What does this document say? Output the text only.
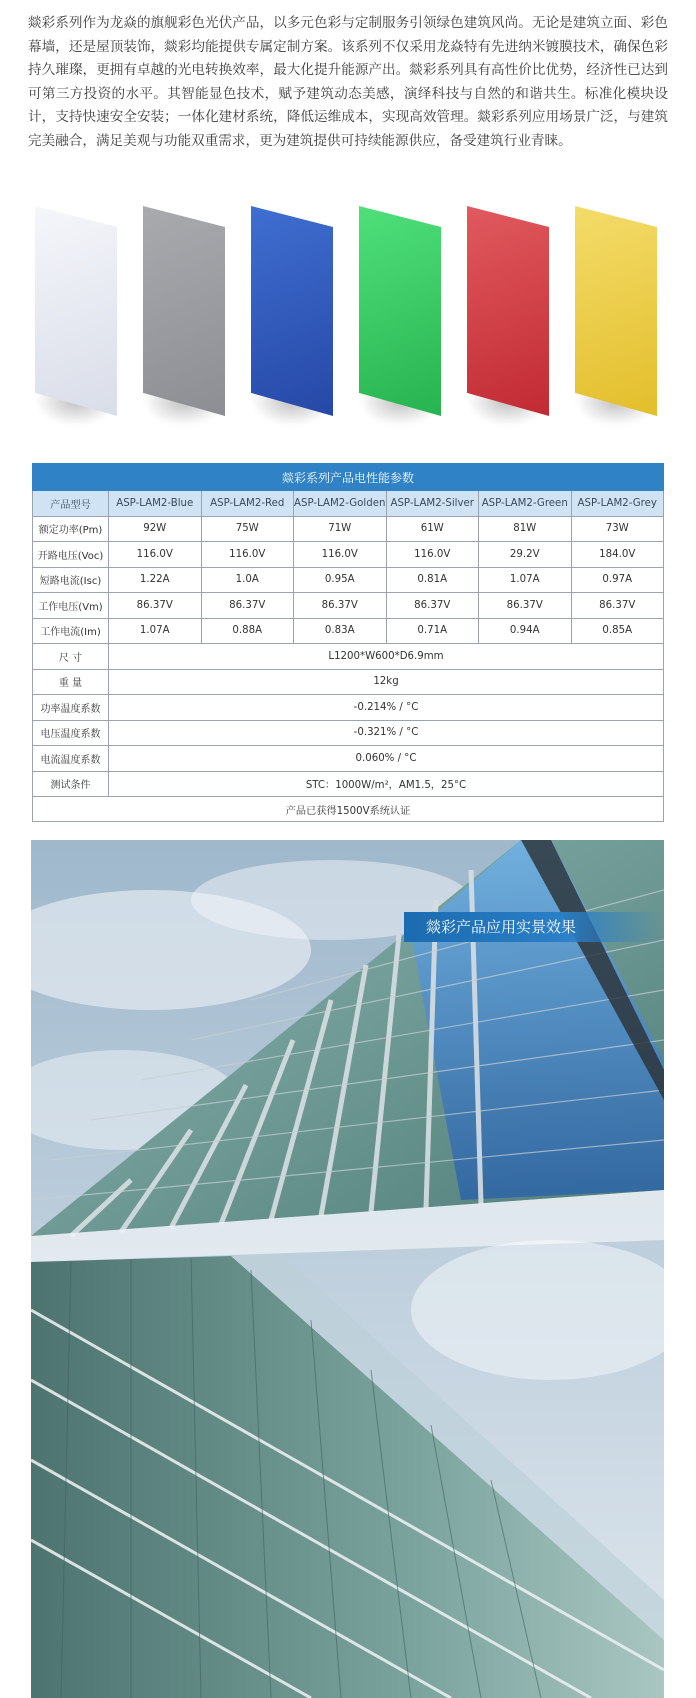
燚彩系列作为龙焱的旗舰彩色光伏产品，以多元色彩与定制服务引领绿色建筑风尚。无论是建筑立面、彩色幕墙，还是屋顶装饰，燚彩均能提供专属定制方案。该系列不仅采用龙焱特有先进纳米镀膜技术，确保色彩持久璀璨，更拥有卓越的光电转换效率，最大化提升能源产出。燚彩系列具有高性价比优势，经济性已达到可第三方投资的水平。其智能显色技术，赋予建筑动态美感，演绎科技与自然的和谐共生。标准化模块设计，支持快速安全安装；一体化建材系统，降低运维成本，实现高效管理。燚彩系列应用场景广泛，与建筑完美融合，满足美观与功能双重需求，更为建筑提供可持续能源供应，备受建筑行业青睐。
燚彩系列产品电性能参数						
产品型号	ASP-LAM2-Blue	ASP-LAM2-Red	ASP-LAM2-Golden	ASP-LAM2-Silver	ASP-LAM2-Green	ASP-LAM2-Grey
额定功率(Pm)	92W	75W	71W	61W	81W	73W
开路电压(Voc)	116.0V	116.0V	116.0V	116.0V	29.2V	184.0V
短路电流(Isc)	1.22A	1.0A	0.95A	0.81A	1.07A	0.97A
工作电压(Vm)	86.37V	86.37V	86.37V	86.37V	86.37V	86.37V
工作电流(Im)	1.07A	0.88A	0.83A	0.71A	0.94A	0.85A
尺 寸	L1200*W600*D6.9mm					
重 量	12kg					
功率温度系数	-0.214% / °C					
电压温度系数	-0.321% / °C					
电流温度系数	0.060% / °C					
测试条件	STC：1000W/m²，AM1.5，25°C					
产品已获得1500V系统认证						
燚彩产品应用实景效果
